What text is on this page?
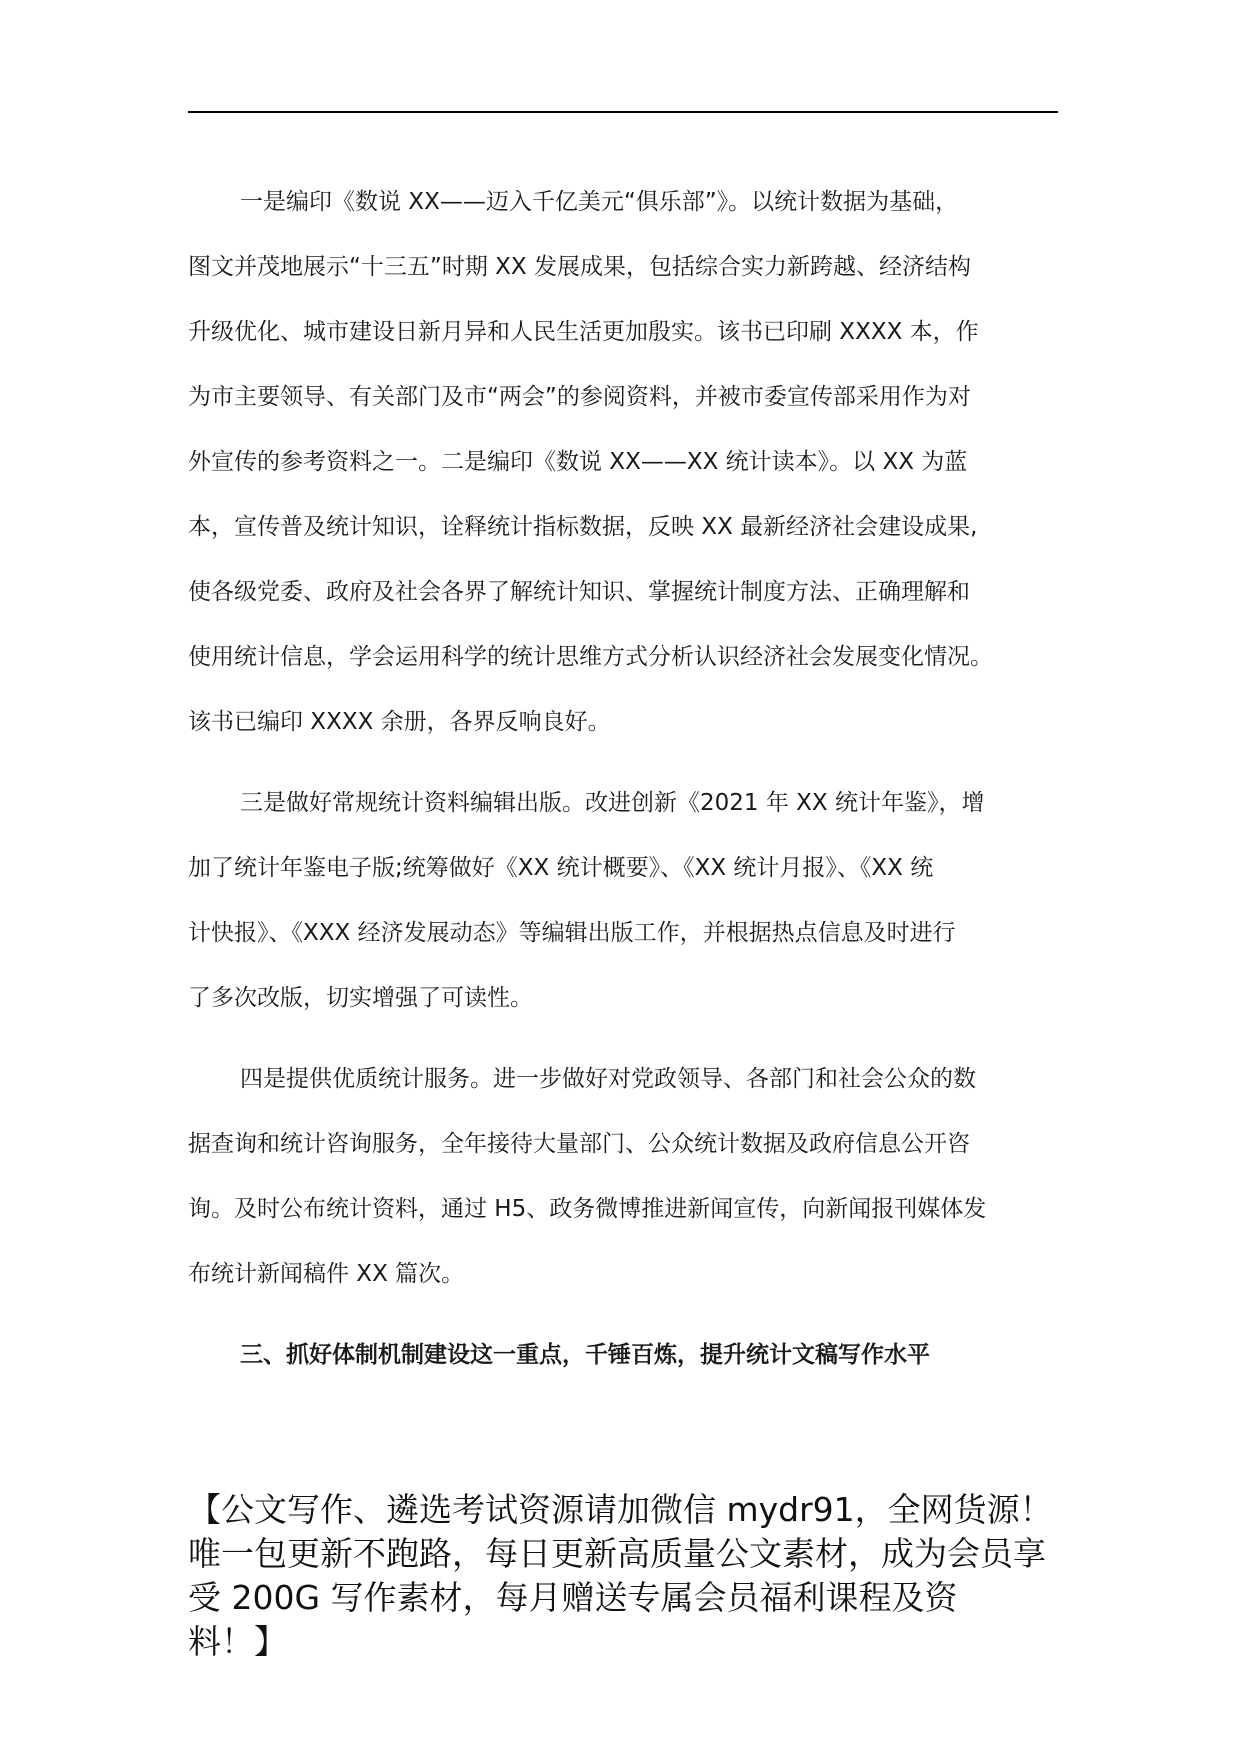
一是编印《数说 XX——迈入千亿美元“俱乐部”》。以统计数据为基础，
图文并茂地展示“十三五”时期 XX 发展成果，包括综合实力新跨越、经济结构
升级优化、城市建设日新月异和人民生活更加殷实。该书已印刷 XXXX 本，作
为市主要领导、有关部门及市“两会”的参阅资料，并被市委宣传部采用作为对
外宣传的参考资料之一。二是编印《数说 XX——XX 统计读本》。以 XX 为蓝
本，宣传普及统计知识，诠释统计指标数据，反映 XX 最新经济社会建设成果,
使各级党委、政府及社会各界了解统计知识、掌握统计制度方法、正确理解和
使用统计信息，学会运用科学的统计思维方式分析认识经济社会发展变化情况。
该书已编印 XXXX 余册，各界反响良好。
三是做好常规统计资料编辑出版。改进创新《2021 年 XX 统计年鉴》，增
加了统计年鉴电子版;统筹做好《XX 统计概要》、《XX 统计月报》、《XX 统
计快报》、《XXX 经济发展动态》等编辑出版工作，并根据热点信息及时进行
了多次改版，切实增强了可读性。
四是提供优质统计服务。进一步做好对党政领导、各部门和社会公众的数
据查询和统计咨询服务，全年接待大量部门、公众统计数据及政府信息公开咨
询。及时公布统计资料，通过 H5、政务微博推进新闻宣传，向新闻报刊媒体发
布统计新闻稿件 XX 篇次。
三、抓好体制机制建设这一重点，千锤百炼，提升统计文稿写作水平
【公文写作、遴选考试资源请加微信 mydr91，全网货源！
唯一包更新不跑路，每日更新高质量公文素材，成为会员享
受 200G 写作素材，每月赠送专属会员福利课程及资
料！】
